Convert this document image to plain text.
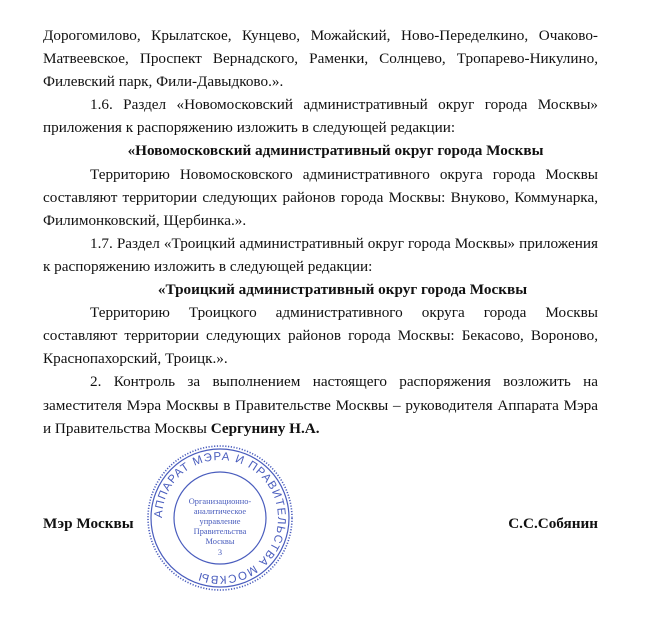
Дорогомилово, Крылатское, Кунцево, Можайский, Ново-Переделкино, Очаково-Матвеевское, Проспект Вернадского, Раменки, Солнцево, Тропарево-Никулино, Филевский парк, Фили-Давыдково.».

1.6. Раздел «Новомосковский административный округ города Москвы» приложения к распоряжению изложить в следующей редакции:

«Новомосковский административный округ города Москвы

Территорию Новомосковского административного округа города Москвы составляют территории следующих районов города Москвы: Внуково, Коммунарка, Филимонковский, Щербинка.».

1.7. Раздел «Троицкий административный округ города Москвы» приложения к распоряжению изложить в следующей редакции:

«Троицкий административный округ города Москвы

Территорию Троицкого административного округа города Москвы составляют территории следующих районов города Москвы: Бекасово, Вороново, Краснопахорский, Троицк.».

2. Контроль за выполнением настоящего распоряжения возложить на заместителя Мэра Москвы в Правительстве Москвы – руководителя Аппарата Мэра и Правительства Москвы Сергунину Н.А.

Мэр Москвы	С.С.Собянин
АППАРАТ МЭРА И ПРАВИТЕЛЬСТВА МОСКВЫ
Организационно-
аналитическое
управление
Правительства
Москвы
3
